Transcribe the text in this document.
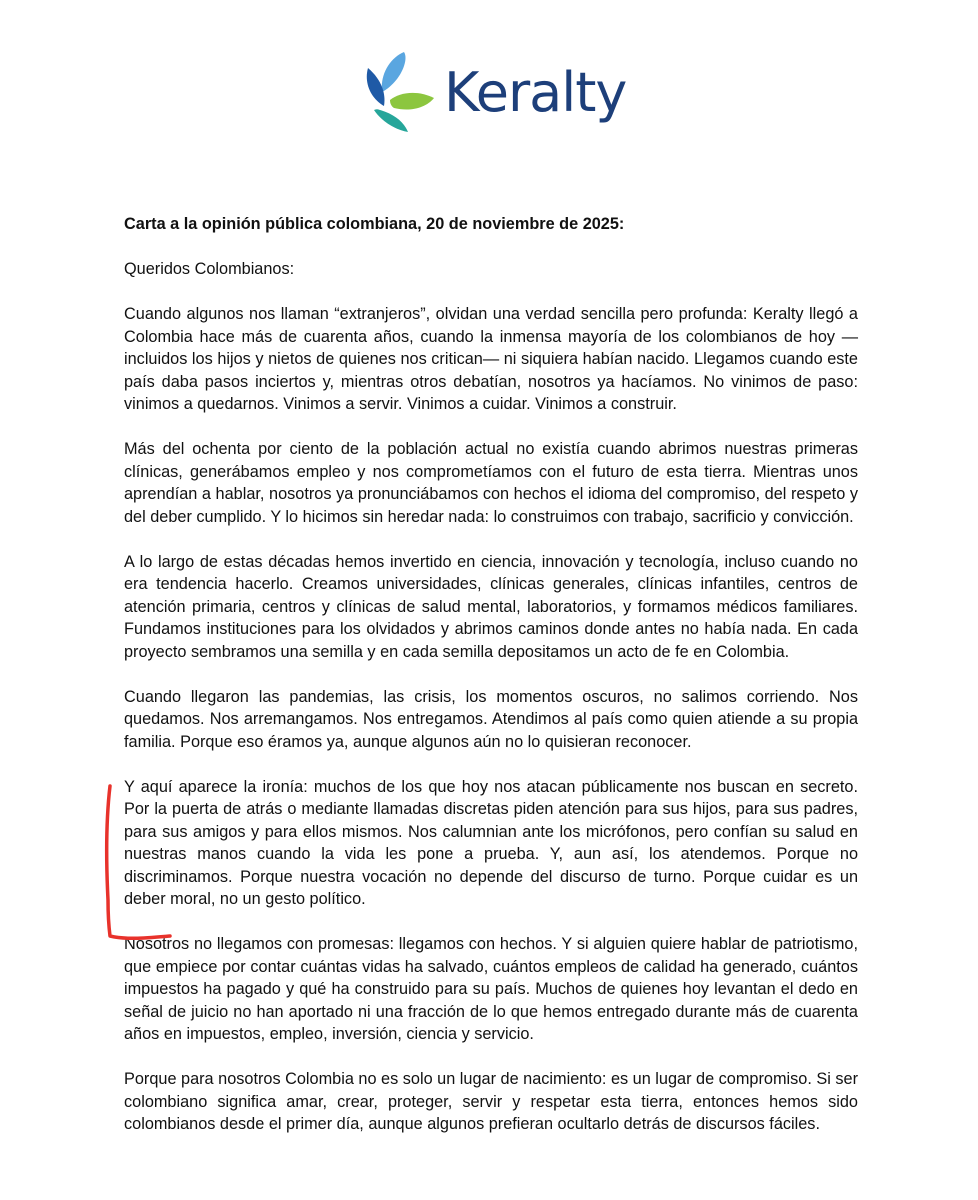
Keralty

Carta a la opinión pública colombiana, 20 de noviembre de 2025:

Queridos Colombianos:

Cuando algunos nos llaman “extranjeros”, olvidan una verdad sencilla pero profunda: Keralty llegó a Colombia hace más de cuarenta años, cuando la inmensa mayoría de los colombianos de hoy —incluidos los hijos y nietos de quienes nos critican— ni siquiera habían nacido. Llegamos cuando este país daba pasos inciertos y, mientras otros debatían, nosotros ya hacíamos. No vinimos de paso: vinimos a quedarnos. Vinimos a servir. Vinimos a cuidar. Vinimos a construir.

Más del ochenta por ciento de la población actual no existía cuando abrimos nuestras primeras clínicas, generábamos empleo y nos comprometíamos con el futuro de esta tierra. Mientras unos aprendían a hablar, nosotros ya pronunciábamos con hechos el idioma del compromiso, del respeto y del deber cumplido. Y lo hicimos sin heredar nada: lo construimos con trabajo, sacrificio y convicción.

A lo largo de estas décadas hemos invertido en ciencia, innovación y tecnología, incluso cuando no era tendencia hacerlo. Creamos universidades, clínicas generales, clínicas infantiles, centros de atención primaria, centros y clínicas de salud mental, laboratorios, y formamos médicos familiares. Fundamos instituciones para los olvidados y abrimos caminos donde antes no había nada. En cada proyecto sembramos una semilla y en cada semilla depositamos un acto de fe en Colombia.

Cuando llegaron las pandemias, las crisis, los momentos oscuros, no salimos corriendo. Nos quedamos. Nos arremangamos. Nos entregamos. Atendimos al país como quien atiende a su propia familia. Porque eso éramos ya, aunque algunos aún no lo quisieran reconocer.

Y aquí aparece la ironía: muchos de los que hoy nos atacan públicamente nos buscan en secreto. Por la puerta de atrás o mediante llamadas discretas piden atención para sus hijos, para sus padres, para sus amigos y para ellos mismos. Nos calumnian ante los micrófonos, pero confían su salud en nuestras manos cuando la vida les pone a prueba. Y, aun así, los atendemos. Porque no discriminamos. Porque nuestra vocación no depende del discurso de turno. Porque cuidar es un deber moral, no un gesto político.

Nosotros no llegamos con promesas: llegamos con hechos. Y si alguien quiere hablar de patriotismo, que empiece por contar cuántas vidas ha salvado, cuántos empleos de calidad ha generado, cuántos impuestos ha pagado y qué ha construido para su país. Muchos de quienes hoy levantan el dedo en señal de juicio no han aportado ni una fracción de lo que hemos entregado durante más de cuarenta años en impuestos, empleo, inversión, ciencia y servicio.

Porque para nosotros Colombia no es solo un lugar de nacimiento: es un lugar de compromiso. Si ser colombiano significa amar, crear, proteger, servir y respetar esta tierra, entonces hemos sido colombianos desde el primer día, aunque algunos prefieran ocultarlo detrás de discursos fáciles.
